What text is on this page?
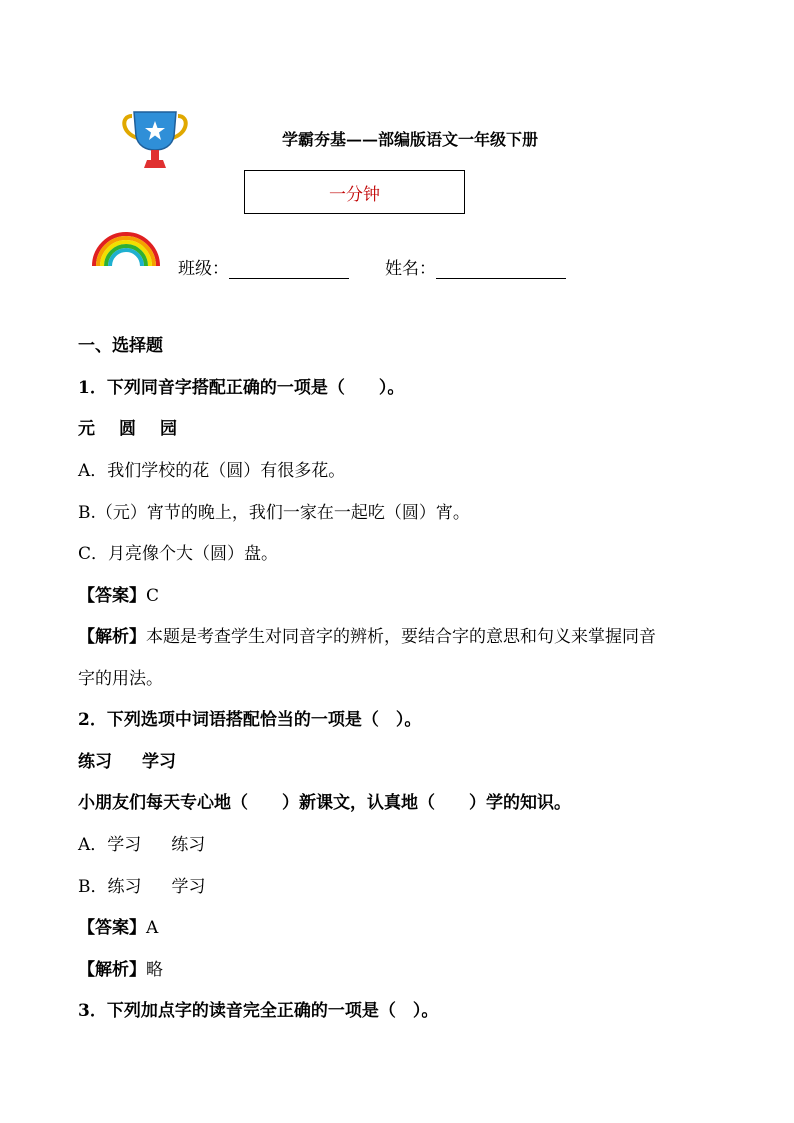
学霸夯基——部编版语文一年级下册
一分钟
班级：	姓名：
一、选择题
1．下列同音字搭配正确的一项是（　　）。
元 圆 园
A．我们学校的花（圆）有很多花。
B.（元）宵节的晚上，我们一家在一起吃（圆）宵。
C．月亮像个大（圆）盘。
【答案】C
【解析】本题是考查学生对同音字的辨析，要结合字的意思和句义来掌握同音
字的用法。
2．下列选项中词语搭配恰当的一项是（　）。
练习 学习
小朋友们每天专心地（　　）新课文，认真地（　　）学的知识。
A．学习 练习
B．练习 学习
【答案】A
【解析】略
3．下列加点字的读音完全正确的一项是（　）。
